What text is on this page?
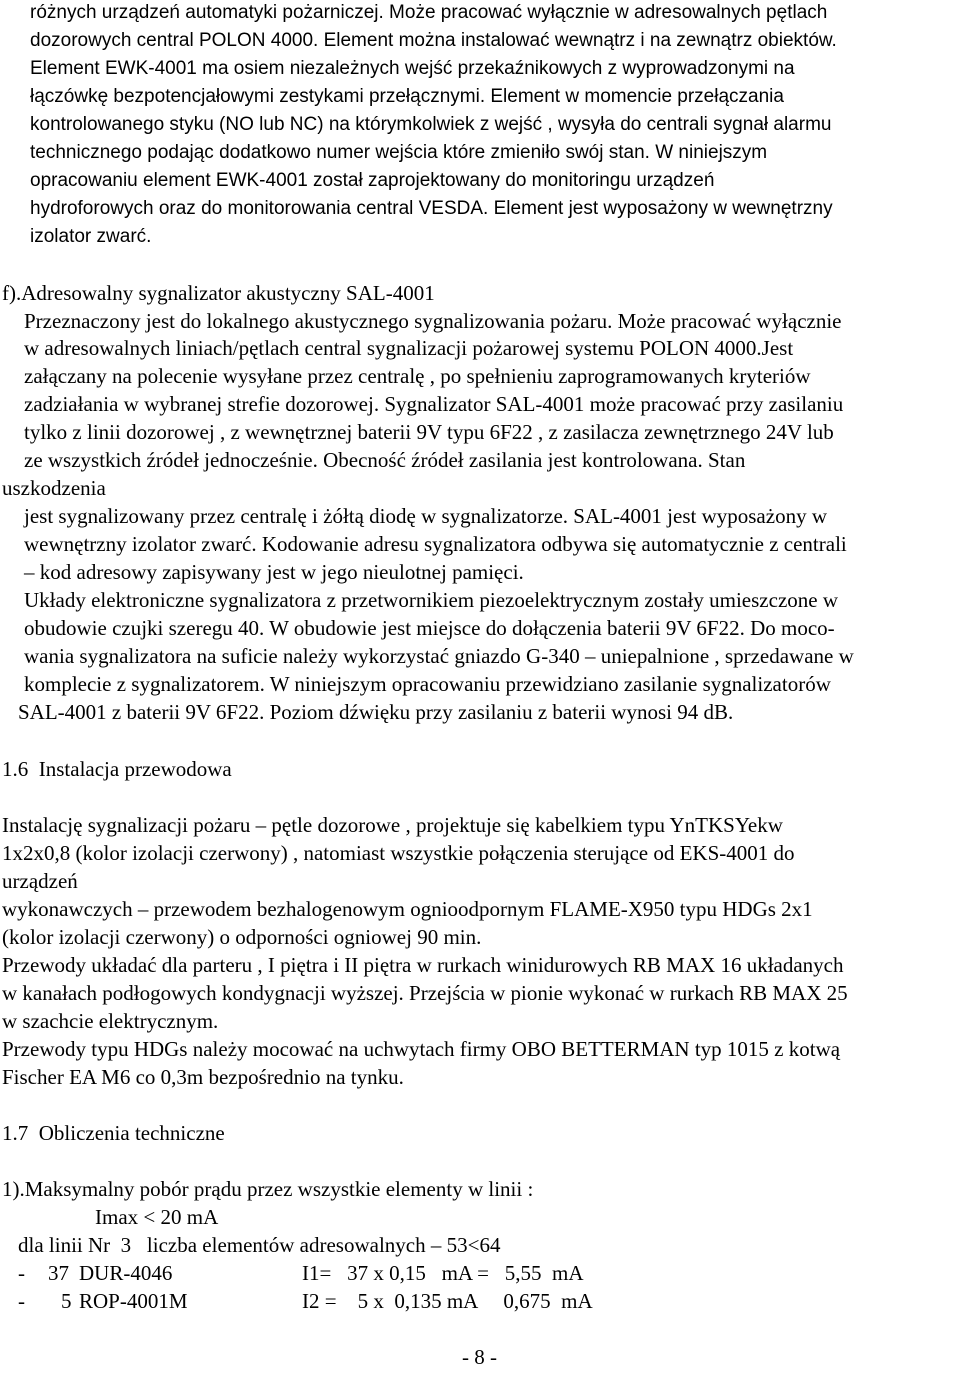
różnych urządzeń automatyki pożarniczej. Może pracować wyłącznie w adresowalnych pętlach
dozorowych central POLON 4000. Element można instalować wewnątrz i na zewnątrz obiektów.
Element EWK-4001 ma osiem niezależnych wejść przekaźnikowych z wyprowadzonymi na
łączówkę bezpotencjałowymi zestykami przełącznymi. Element w momencie przełączania
kontrolowanego styku (NO lub NC) na którymkolwiek z wejść , wysyła do centrali sygnał alarmu
technicznego podając dodatkowo numer wejścia które zmieniło swój stan. W niniejszym
opracowaniu element EWK-4001 został zaprojektowany do monitoringu urządzeń
hydroforowych oraz do monitorowania central VESDA. Element jest wyposażony w wewnętrzny
izolator zwarć.
f).Adresowalny sygnalizator akustyczny SAL-4001
Przeznaczony jest do lokalnego akustycznego sygnalizowania pożaru. Może pracować wyłącznie
w adresowalnych liniach/pętlach central sygnalizacji pożarowej systemu POLON 4000.Jest
załączany na polecenie wysyłane przez centralę , po spełnieniu zaprogramowanych kryteriów
zadziałania w wybranej strefie dozorowej. Sygnalizator SAL-4001 może pracować przy zasilaniu
tylko z linii dozorowej , z wewnętrznej baterii 9V typu 6F22 , z zasilacza zewnętrznego 24V lub
ze wszystkich źródeł jednocześnie. Obecność źródeł zasilania jest kontrolowana. Stan
uszkodzenia
jest sygnalizowany przez centralę i żółtą diodę w sygnalizatorze. SAL-4001 jest wyposażony w
wewnętrzny izolator zwarć. Kodowanie adresu sygnalizatora odbywa się automatycznie z centrali
– kod adresowy zapisywany jest w jego nieulotnej pamięci.
Układy elektroniczne sygnalizatora z przetwornikiem piezoelektrycznym zostały umieszczone w
obudowie czujki szeregu 40. W obudowie jest miejsce do dołączenia baterii 9V 6F22. Do moco-
wania sygnalizatora na suficie należy wykorzystać gniazdo G-340 – uniepalnione , sprzedawane w
komplecie z sygnalizatorem. W niniejszym opracowaniu przewidziano zasilanie sygnalizatorów
SAL-4001 z baterii 9V 6F22. Poziom dźwięku przy zasilaniu z baterii wynosi 94 dB.
1.6  Instalacja przewodowa
Instalację sygnalizacji pożaru – pętle dozorowe , projektuje się kabelkiem typu YnTKSYekw
1x2x0,8 (kolor izolacji czerwony) , natomiast wszystkie połączenia sterujące od EKS-4001 do
urządzeń
wykonawczych – przewodem bezhalogenowym ognioodpornym FLAME-X950 typu HDGs 2x1
(kolor izolacji czerwony) o odporności ogniowej 90 min.
Przewody układać dla parteru , I piętra i II piętra w rurkach winidurowych RB MAX 16 układanych
w kanałach podłogowych kondygnacji wyższej. Przejścia w pionie wykonać w rurkach RB MAX 25
w szachcie elektrycznym.
Przewody typu HDGs należy mocować na uchwytach firmy OBO BETTERMAN typ 1015 z kotwą
Fischer EA M6 co 0,3m bezpośrednio na tynku.
1.7  Obliczenia techniczne
1).Maksymalny pobór prądu przez wszystkie elementy w linii :
Imax < 20 mA
dla linii Nr  3   liczba elementów adresowalnych – 53<64
- 37 DUR-4046	I1=   37 x 0,15   mA =   5,55  mA
- 5 ROP-4001M	I2 =    5 x  0,135 mA     0,675  mA
- 8 -
